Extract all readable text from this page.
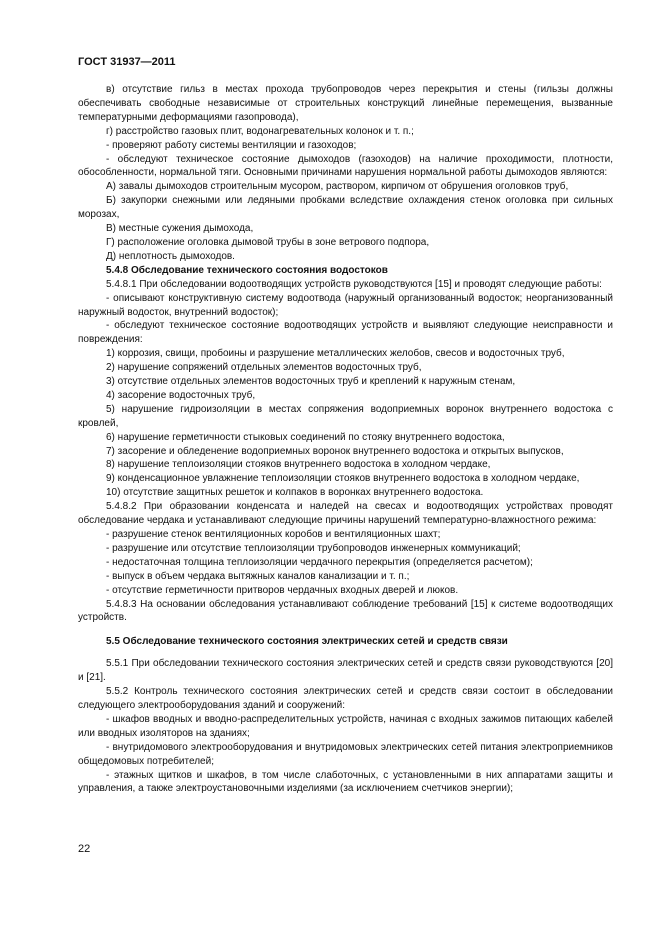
ГОСТ 31937—2011

в) отсутствие гильз в местах прохода трубопроводов через перекрытия и стены (гильзы должны обеспечивать свободные независимые от строительных конструкций линейные перемещения, вызванные температурными деформациями газопровода),

г) расстройство газовых плит, водонагревательных колонок и т. п.;

- проверяют работу системы вентиляции и газоходов;

- обследуют техническое состояние дымоходов (газоходов) на наличие проходимости, плотности, обособленности, нормальной тяги. Основными причинами нарушения нормальной работы дымоходов являются:

А) завалы дымоходов строительным мусором, раствором, кирпичом от обрушения оголовков труб,

Б) закупорки снежными или ледяными пробками вследствие охлаждения стенок оголовка при сильных морозах,

В) местные сужения дымохода,

Г) расположение оголовка дымовой трубы в зоне ветрового подпора,

Д) неплотность дымоходов.

5.4.8 Обследование технического состояния водостоков

5.4.8.1 При обследовании водоотводящих устройств руководствуются [15] и проводят следующие работы:

- описывают конструктивную систему водоотвода (наружный организованный водосток; неорганизованный наружный водосток, внутренний водосток);

- обследуют техническое состояние водоотводящих устройств и выявляют следующие неисправности и повреждения:

1) коррозия, свищи, пробоины и разрушение металлических желобов, свесов и водосточных труб,

2) нарушение сопряжений отдельных элементов водосточных труб,

3) отсутствие отдельных элементов водосточных труб и креплений к наружным стенам,

4) засорение водосточных труб,

5) нарушение гидроизоляции в местах сопряжения водоприемных воронок внутреннего водостока с кровлей,

6) нарушение герметичности стыковых соединений по стояку внутреннего водостока,

7) засорение и обледенение водоприемных воронок внутреннего водостока и открытых выпусков,

8) нарушение теплоизоляции стояков внутреннего водостока в холодном чердаке,

9) конденсационное увлажнение теплоизоляции стояков внутреннего водостока в холодном чердаке,

10) отсутствие защитных решеток и колпаков в воронках внутреннего водостока.

5.4.8.2 При образовании конденсата и наледей на свесах и водоотводящих устройствах проводят обследование чердака и устанавливают следующие причины нарушений температурно-влажностного режима:

- разрушение стенок вентиляционных коробов и вентиляционных шахт;

- разрушение или отсутствие теплоизоляции трубопроводов инженерных коммуникаций;

- недостаточная толщина теплоизоляции чердачного перекрытия (определяется расчетом);

- выпуск в объем чердака вытяжных каналов канализации и т. п.;

- отсутствие герметичности притворов чердачных входных дверей и люков.

5.4.8.3 На основании обследования устанавливают соблюдение требований [15] к системе водоотводящих устройств.

5.5 Обследование технического состояния электрических сетей и средств связи

5.5.1 При обследовании технического состояния электрических сетей и средств связи руководствуются [20] и [21].

5.5.2 Контроль технического состояния электрических сетей и средств связи состоит в обследовании следующего электрооборудования зданий и сооружений:

- шкафов вводных и вводно-распределительных устройств, начиная с входных зажимов питающих кабелей или вводных изоляторов на зданиях;

- внутридомового электрооборудования и внутридомовых электрических сетей питания электроприемников общедомовых потребителей;

- этажных щитков и шкафов, в том числе слаботочных, с установленными в них аппаратами защиты и управления, а также электроустановочными изделиями (за исключением счетчиков энергии);

22
